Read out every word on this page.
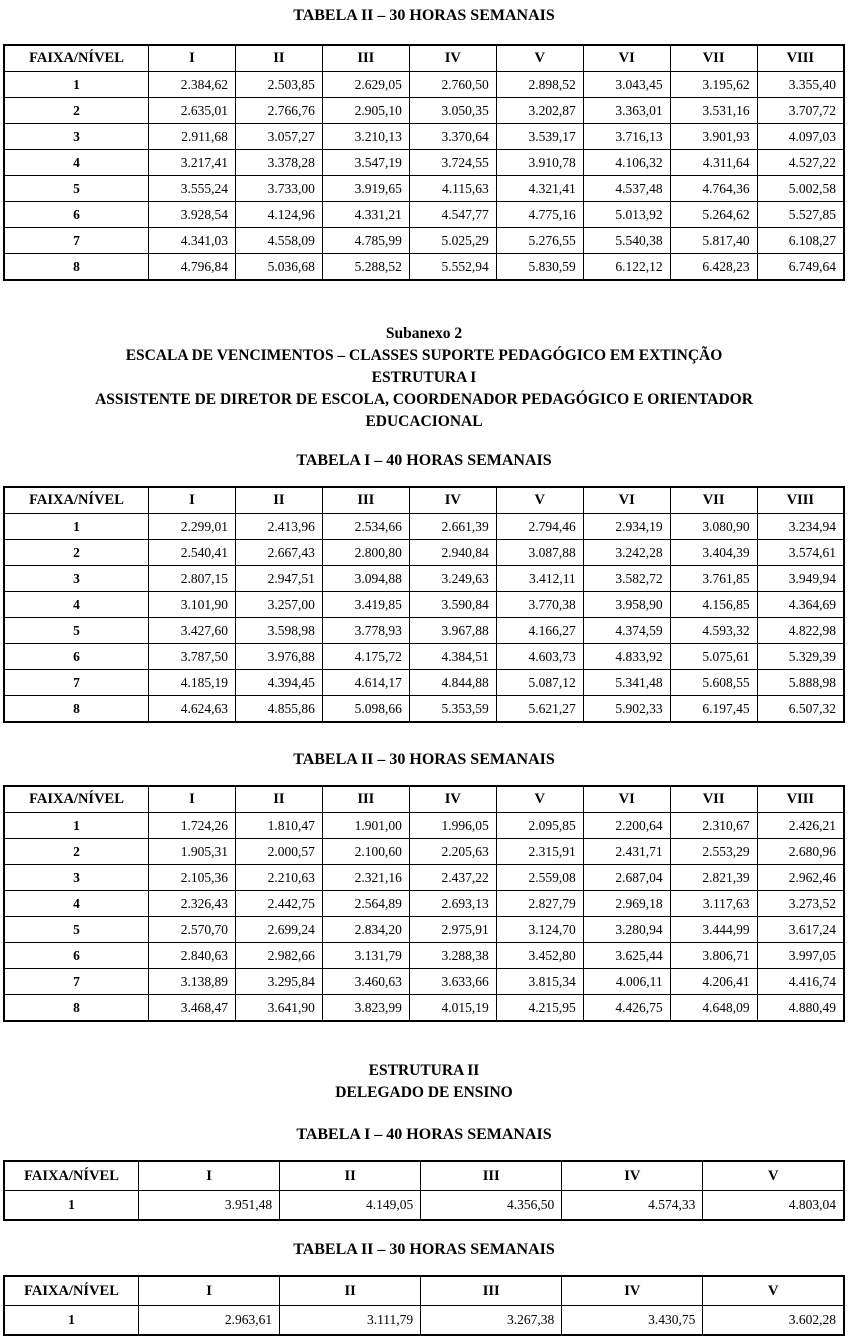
TABELA II – 30 HORAS SEMANAIS
FAIXA/NÍVEL	I	II	III	IV	V	VI	VII	VIII
1	2.384,62	2.503,85	2.629,05	2.760,50	2.898,52	3.043,45	3.195,62	3.355,40
2	2.635,01	2.766,76	2.905,10	3.050,35	3.202,87	3.363,01	3.531,16	3.707,72
3	2.911,68	3.057,27	3.210,13	3.370,64	3.539,17	3.716,13	3.901,93	4.097,03
4	3.217,41	3.378,28	3.547,19	3.724,55	3.910,78	4.106,32	4.311,64	4.527,22
5	3.555,24	3.733,00	3.919,65	4.115,63	4.321,41	4.537,48	4.764,36	5.002,58
6	3.928,54	4.124,96	4.331,21	4.547,77	4.775,16	5.013,92	5.264,62	5.527,85
7	4.341,03	4.558,09	4.785,99	5.025,29	5.276,55	5.540,38	5.817,40	6.108,27
8	4.796,84	5.036,68	5.288,52	5.552,94	5.830,59	6.122,12	6.428,23	6.749,64
Subanexo 2
ESCALA DE VENCIMENTOS – CLASSES SUPORTE PEDAGÓGICO EM EXTINÇÃO
ESTRUTURA I
ASSISTENTE DE DIRETOR DE ESCOLA, COORDENADOR PEDAGÓGICO E ORIENTADOR
EDUCACIONAL
TABELA I – 40 HORAS SEMANAIS
FAIXA/NÍVEL	I	II	III	IV	V	VI	VII	VIII
1	2.299,01	2.413,96	2.534,66	2.661,39	2.794,46	2.934,19	3.080,90	3.234,94
2	2.540,41	2.667,43	2.800,80	2.940,84	3.087,88	3.242,28	3.404,39	3.574,61
3	2.807,15	2.947,51	3.094,88	3.249,63	3.412,11	3.582,72	3.761,85	3.949,94
4	3.101,90	3.257,00	3.419,85	3.590,84	3.770,38	3.958,90	4.156,85	4.364,69
5	3.427,60	3.598,98	3.778,93	3.967,88	4.166,27	4.374,59	4.593,32	4.822,98
6	3.787,50	3.976,88	4.175,72	4.384,51	4.603,73	4.833,92	5.075,61	5.329,39
7	4.185,19	4.394,45	4.614,17	4.844,88	5.087,12	5.341,48	5.608,55	5.888,98
8	4.624,63	4.855,86	5.098,66	5.353,59	5.621,27	5.902,33	6.197,45	6.507,32
TABELA II – 30 HORAS SEMANAIS
FAIXA/NÍVEL	I	II	III	IV	V	VI	VII	VIII
1	1.724,26	1.810,47	1.901,00	1.996,05	2.095,85	2.200,64	2.310,67	2.426,21
2	1.905,31	2.000,57	2.100,60	2.205,63	2.315,91	2.431,71	2.553,29	2.680,96
3	2.105,36	2.210,63	2.321,16	2.437,22	2.559,08	2.687,04	2.821,39	2.962,46
4	2.326,43	2.442,75	2.564,89	2.693,13	2.827,79	2.969,18	3.117,63	3.273,52
5	2.570,70	2.699,24	2.834,20	2.975,91	3.124,70	3.280,94	3.444,99	3.617,24
6	2.840,63	2.982,66	3.131,79	3.288,38	3.452,80	3.625,44	3.806,71	3.997,05
7	3.138,89	3.295,84	3.460,63	3.633,66	3.815,34	4.006,11	4.206,41	4.416,74
8	3.468,47	3.641,90	3.823,99	4.015,19	4.215,95	4.426,75	4.648,09	4.880,49
ESTRUTURA II
DELEGADO DE ENSINO
TABELA I – 40 HORAS SEMANAIS
FAIXA/NÍVEL	I	II	III	IV	V
1	3.951,48	4.149,05	4.356,50	4.574,33	4.803,04
TABELA II – 30 HORAS SEMANAIS
FAIXA/NÍVEL	I	II	III	IV	V
1	2.963,61	3.111,79	3.267,38	3.430,75	3.602,28
